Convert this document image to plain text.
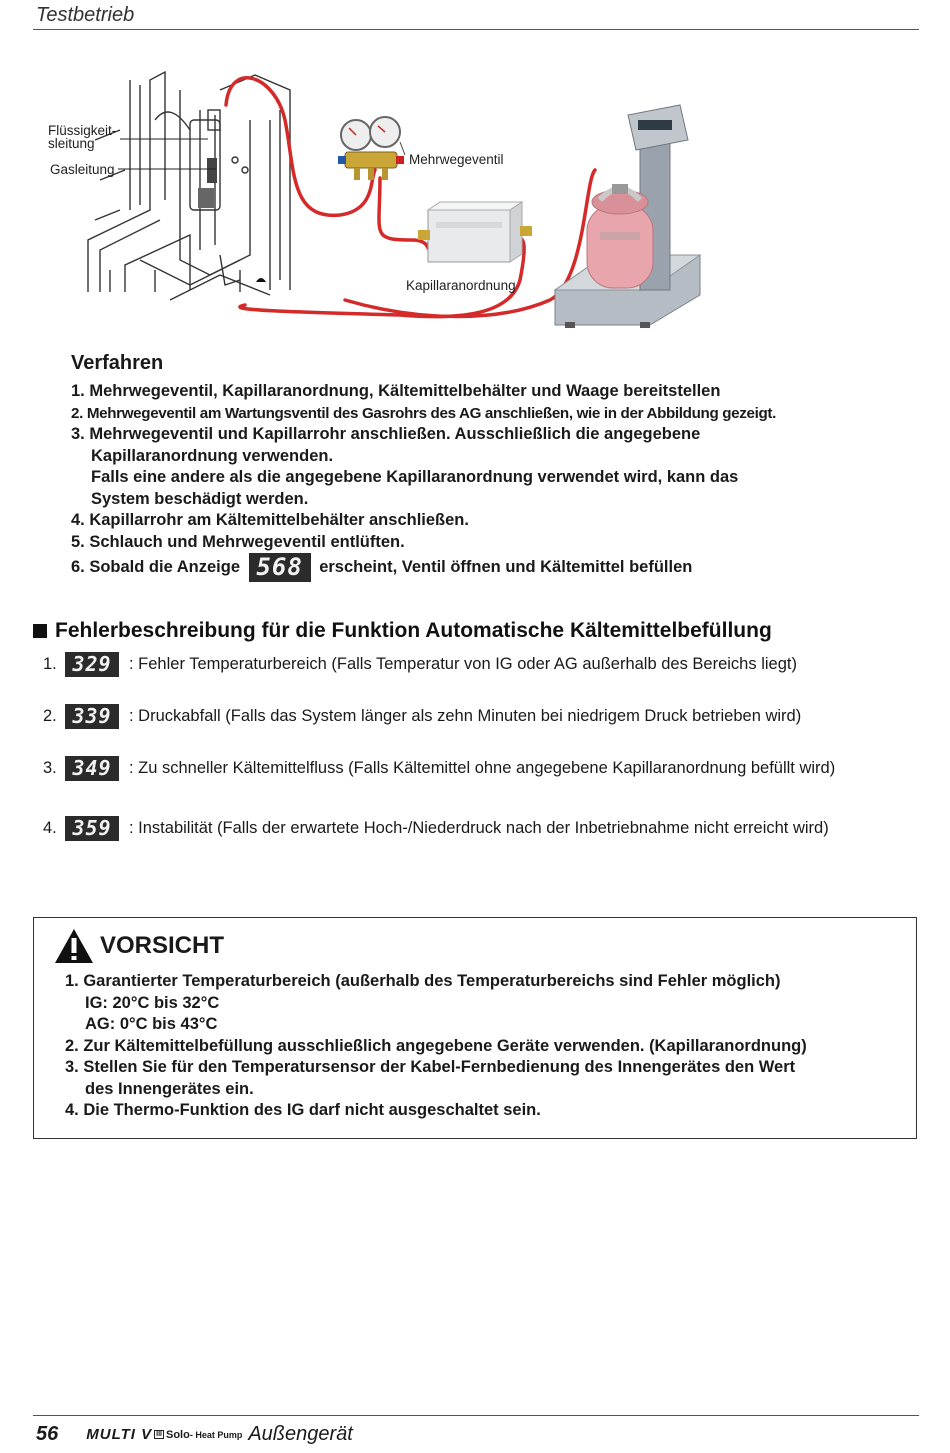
Testbetrieb
Flüssigkeit-
sleitung
Gasleitung
Mehrwegeventil
Kapillaranordnung
Verfahren
1. Mehrwegeventil, Kapillaranordnung, Kältemittelbehälter und Waage bereitstellen
2. Mehrwegeventil am Wartungsventil des Gasrohrs des AG anschließen, wie in der Abbildung gezeigt.
3. Mehrwegeventil und Kapillarrohr anschließen. Ausschließlich die angegebene
Kapillaranordnung verwenden.
Falls eine andere als die angegebene Kapillaranordnung verwendet wird, kann das
System beschädigt werden.
4. Kapillarrohr am Kältemittelbehälter anschließen.
5. Schlauch und Mehrwegeventil entlüften.
6. Sobald die Anzeige 568 erscheint, Ventil öffnen und Kältemittel befüllen
Fehlerbeschreibung für die Funktion Automatische Kältemittelbefüllung
1. 329	: Fehler Temperaturbereich (Falls Temperatur von IG oder AG außerhalb des Bereichs liegt)
2. 339	: Druckabfall (Falls das System länger als zehn Minuten bei niedrigem Druck betrieben wird)
3. 349	: Zu schneller Kältemittelfluss (Falls Kältemittel ohne angegebene Kapillaranordnung befüllt wird)
4. 359	: Instabilität (Falls der erwartete Hoch-/Niederdruck nach der Inbetriebnahme nicht erreicht wird)
VORSICHT
1. Garantierter Temperaturbereich (außerhalb des Temperaturbereichs sind Fehler möglich)
IG: 20°C bis 32°C
AG: 0°C bis 43°C
2. Zur Kältemittelbefüllung ausschließlich angegebene Geräte verwenden. (Kapillaranordnung)
3. Stellen Sie für den Temperatursensor der Kabel-Fernbedienung des Innengerätes den Wert
des Innengerätes ein.
4. Die Thermo-Funktion des IG darf nicht ausgeschaltet sein.
56 MULTI V III Solo- Heat Pump Außengerät
